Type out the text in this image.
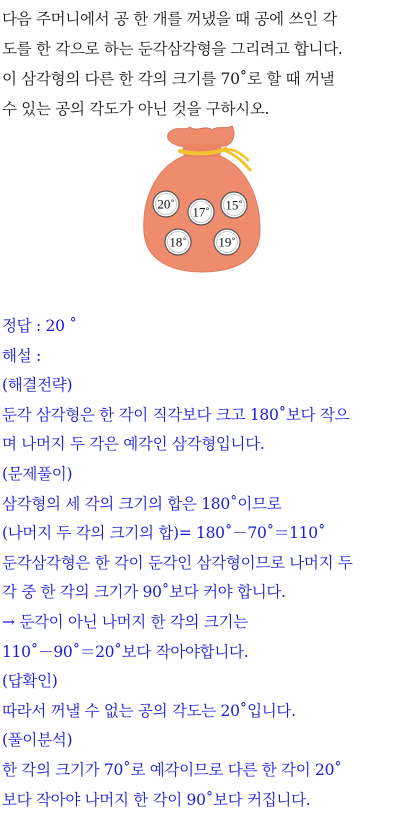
다음 주머니에서 공 한 개를 꺼냈을 때 공에 쓰인 각
도를 한 각으로 하는 둔각삼각형을 그리려고 합니다.
이 삼각형의 다른 한 각의 크기를 70˚로 할 때 꺼낼
수 있는 공의 각도가 아닌 것을 구하시오.
20˚
17˚ 15˚
18˚ 19˚
정답 : 20 ˚
해설 :
(해결전략)
둔각 삼각형은 한 각이 직각보다 크고 180˚보다 작으
며 나머지 두 각은 예각인 삼각형입니다.
(문제풀이)
삼각형의 세 각의 크기의 합은 180˚이므로
(나머지 두 각의 크기의 합)= 180˚－70˚＝110˚
둔각삼각형은 한 각이 둔각인 삼각형이므로 나머지 두
각 중 한 각의 크기가 90˚보다 커야 합니다.
→ 둔각이 아닌 나머지 한 각의 크기는
110˚－90˚＝20˚보다 작아야합니다.
(답확인)
따라서 꺼낼 수 없는 공의 각도는 20˚입니다.
(풀이분석)
한 각의 크기가 70˚로 예각이므로 다른 한 각이 20˚
보다 작아야 나머지 한 각이 90˚보다 커집니다.
